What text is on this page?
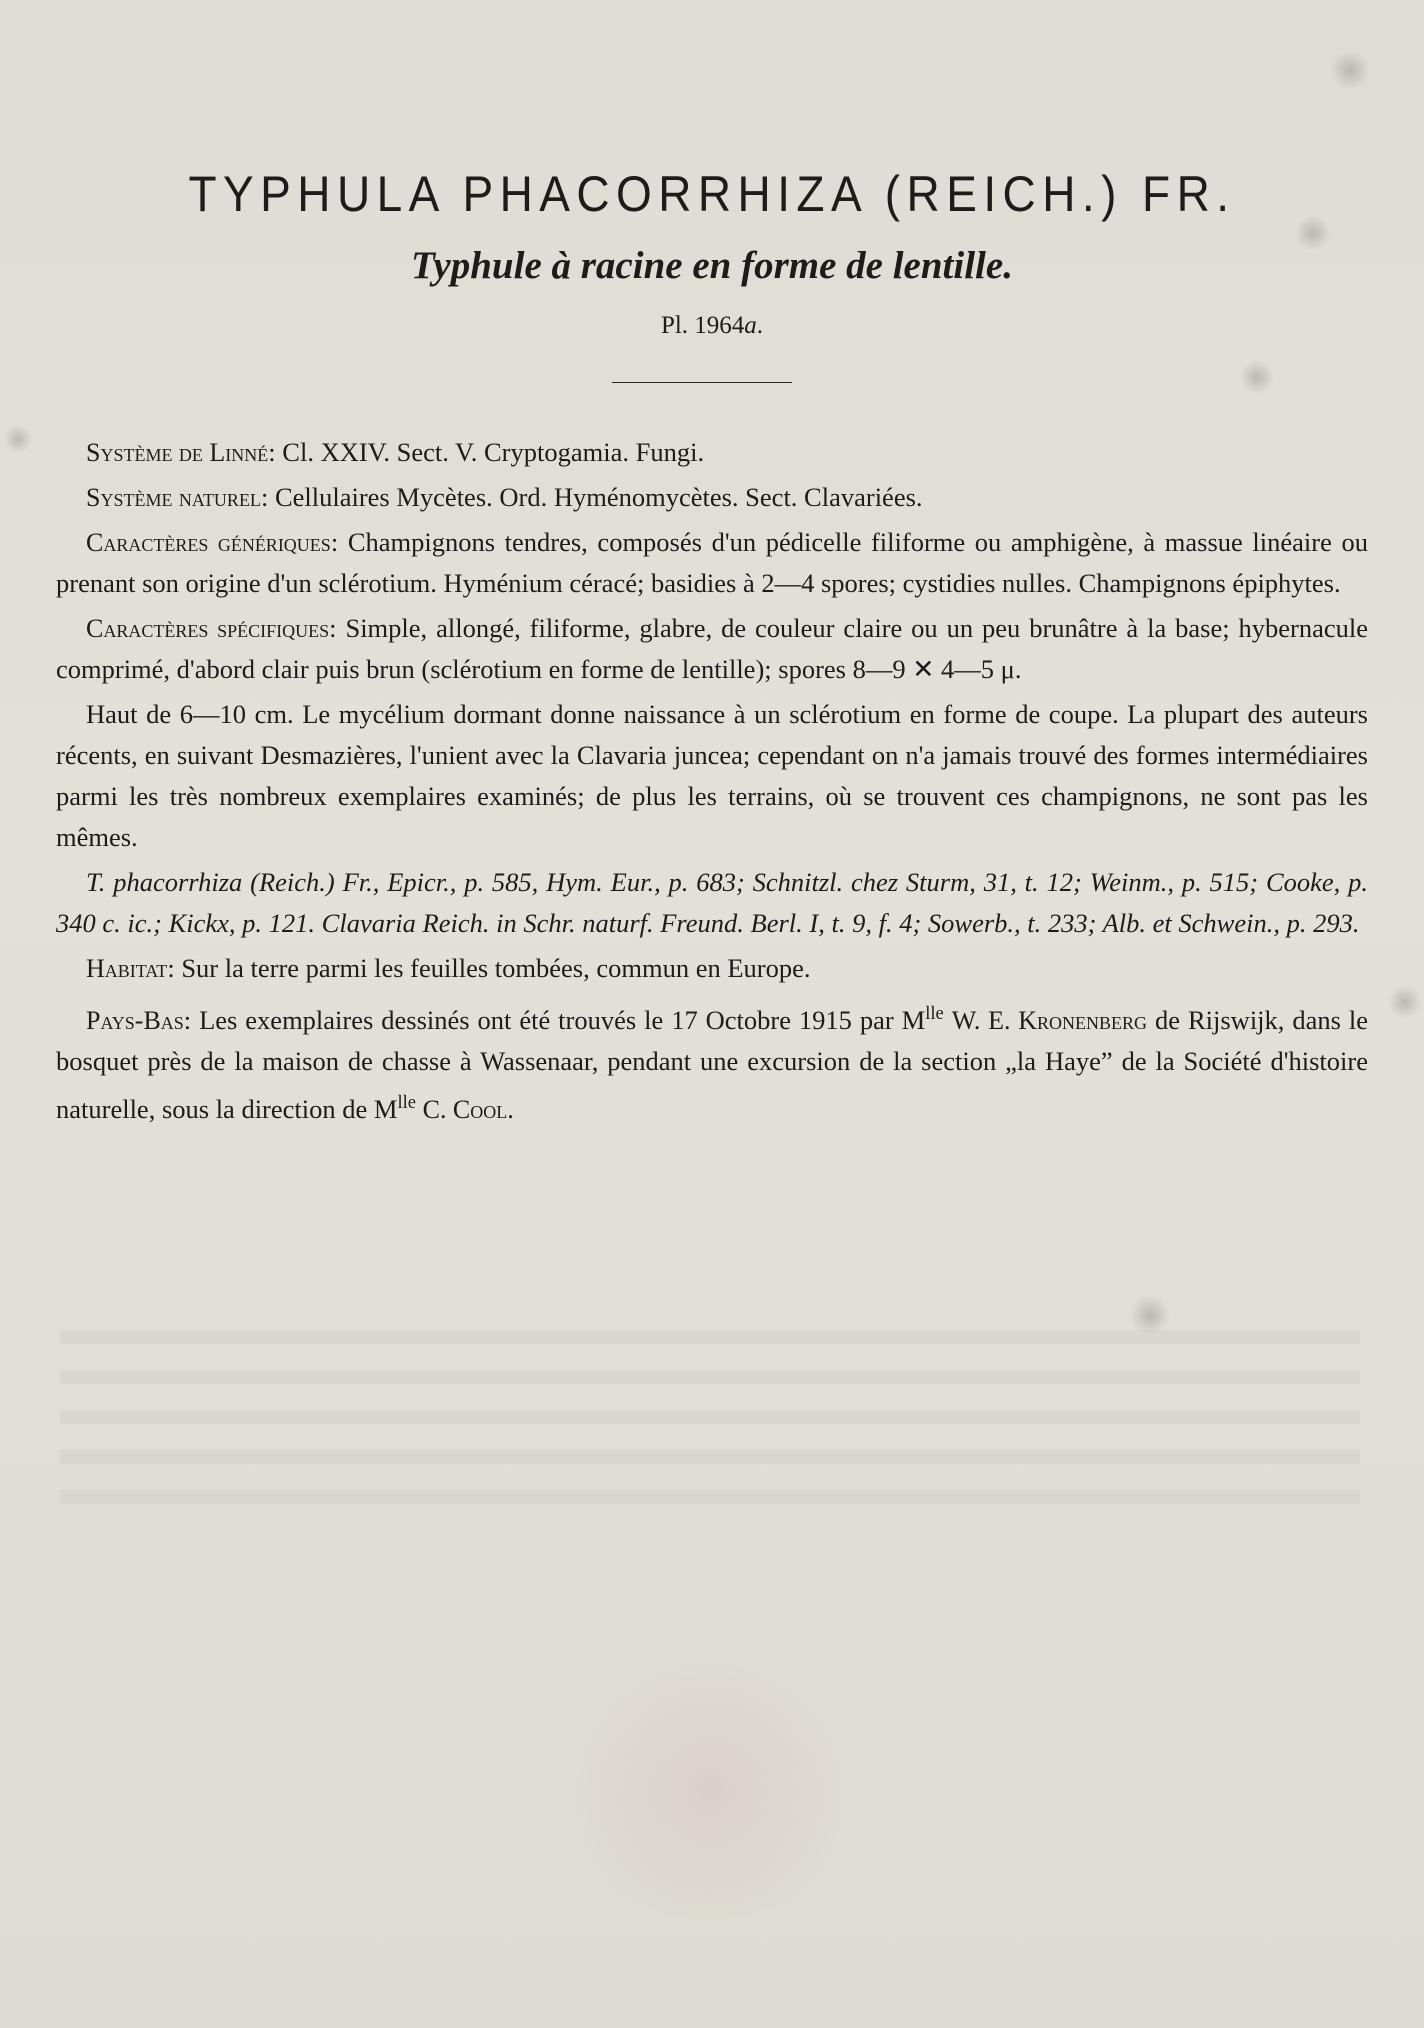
TYPHULA PHACORRHIZA (REICH.) FR.
Typhule à racine en forme de lentille.
Pl. 1964a.

Système de Linné: Cl. XXIV. Sect. V. Cryptogamia. Fungi.

Système naturel: Cellulaires Mycètes. Ord. Hyménomycètes. Sect. Clavariées.

Caractères génériques: Champignons tendres, composés d'un pédicelle filiforme ou amphigène, à massue linéaire ou prenant son origine d'un sclérotium. Hyménium céracé; basidies à 2—4 spores; cystidies nulles. Champignons épiphytes.

Caractères spécifiques: Simple, allongé, filiforme, glabre, de couleur claire ou un peu brunâtre à la base; hybernacule comprimé, d'abord clair puis brun (sclérotium en forme de lentille); spores 8—9 ✕ 4—5 μ.

Haut de 6—10 cm. Le mycélium dormant donne naissance à un sclérotium en forme de coupe. La plupart des auteurs récents, en suivant Desmazières, l'unient avec la Clavaria juncea; cependant on n'a jamais trouvé des formes intermédiaires parmi les très nombreux exemplaires examinés; de plus les terrains, où se trouvent ces champignons, ne sont pas les mêmes.

T. phacorrhiza (Reich.) Fr., Epicr., p. 585, Hym. Eur., p. 683; Schnitzl. chez Sturm, 31, t. 12; Weinm., p. 515; Cooke, p. 340 c. ic.; Kickx, p. 121. Clavaria Reich. in Schr. naturf. Freund. Berl. I, t. 9, f. 4; Sowerb., t. 233; Alb. et Schwein., p. 293.

Habitat: Sur la terre parmi les feuilles tombées, commun en Europe.

Pays-Bas: Les exemplaires dessinés ont été trouvés le 17 Octobre 1915 par $M^{lle}$ W. E. Kronenberg de Rijswijk, dans le bosquet près de la maison de chasse à Wassenaar, pendant une excursion de la section „la Haye” de la Société d'histoire naturelle, sous la direction de $M^{lle}$ C. Cool.
